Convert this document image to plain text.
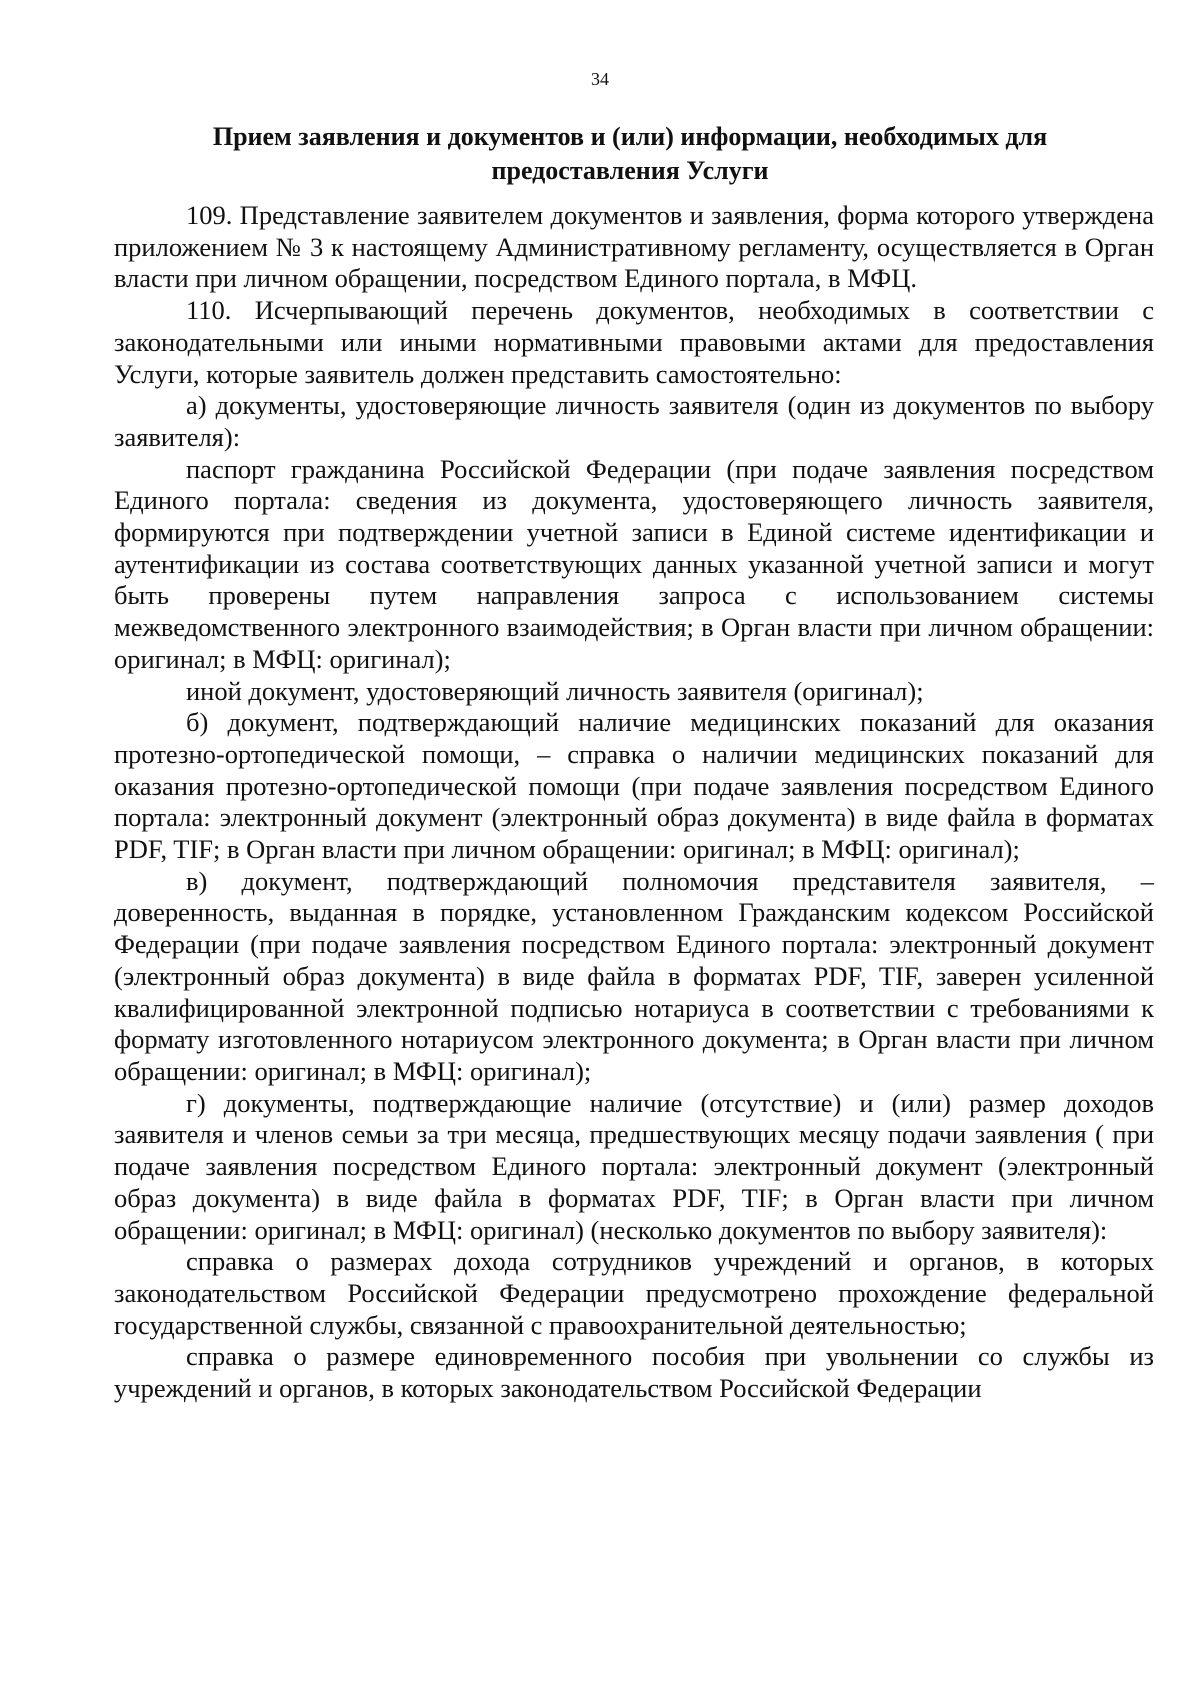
34
Прием заявления и документов и (или) информации, необходимых для предоставления Услуги

109. Представление заявителем документов и заявления, форма которого утверждена приложением № 3 к настоящему Административному регламенту, осуществляется в Орган власти при личном обращении, посредством Единого портала, в МФЦ.

110. Исчерпывающий перечень документов, необходимых в соответствии с законодательными или иными нормативными правовыми актами для предоставления Услуги, которые заявитель должен представить самостоятельно:

а) документы, удостоверяющие личность заявителя (один из документов по выбору заявителя):

паспорт гражданина Российской Федерации (при подаче заявления посредством Единого портала: сведения из документа, удостоверяющего личность заявителя, формируются при подтверждении учетной записи в Единой системе идентификации и аутентификации из состава соответствующих данных указанной учетной записи и могут быть проверены путем направления запроса с использованием системы межведомственного электронного взаимодействия; в Орган власти при личном обращении: оригинал; в МФЦ: оригинал);

иной документ, удостоверяющий личность заявителя (оригинал);

б) документ, подтверждающий наличие медицинских показаний для оказания протезно-ортопедической помощи, – справка о наличии медицинских показаний для оказания протезно-ортопедической помощи (при подаче заявления посредством Единого портала: электронный документ (электронный образ документа) в виде файла в форматах PDF, TIF; в Орган власти при личном обращении: оригинал; в МФЦ: оригинал);

в) документ, подтверждающий полномочия представителя заявителя, – доверенность, выданная в порядке, установленном Гражданским кодексом Российской Федерации (при подаче заявления посредством Единого портала: электронный документ (электронный образ документа) в виде файла в форматах PDF, TIF, заверен усиленной квалифицированной электронной подписью нотариуса в соответствии с требованиями к формату изготовленного нотариусом электронного документа; в Орган власти при личном обращении: оригинал; в МФЦ: оригинал);

г) документы, подтверждающие наличие (отсутствие) и (или) размер доходов заявителя и членов семьи за три месяца, предшествующих месяцу подачи заявления ( при подаче заявления посредством Единого портала: электронный документ (электронный образ документа) в виде файла в форматах PDF, TIF; в Орган власти при личном обращении: оригинал; в МФЦ: оригинал) (несколько документов по выбору заявителя):

справка о размерах дохода сотрудников учреждений и органов, в которых законодательством Российской Федерации предусмотрено прохождение федеральной государственной службы, связанной с правоохранительной деятельностью;

справка о размере единовременного пособия при увольнении со службы из учреждений и органов, в которых законодательством Российской Федерации
